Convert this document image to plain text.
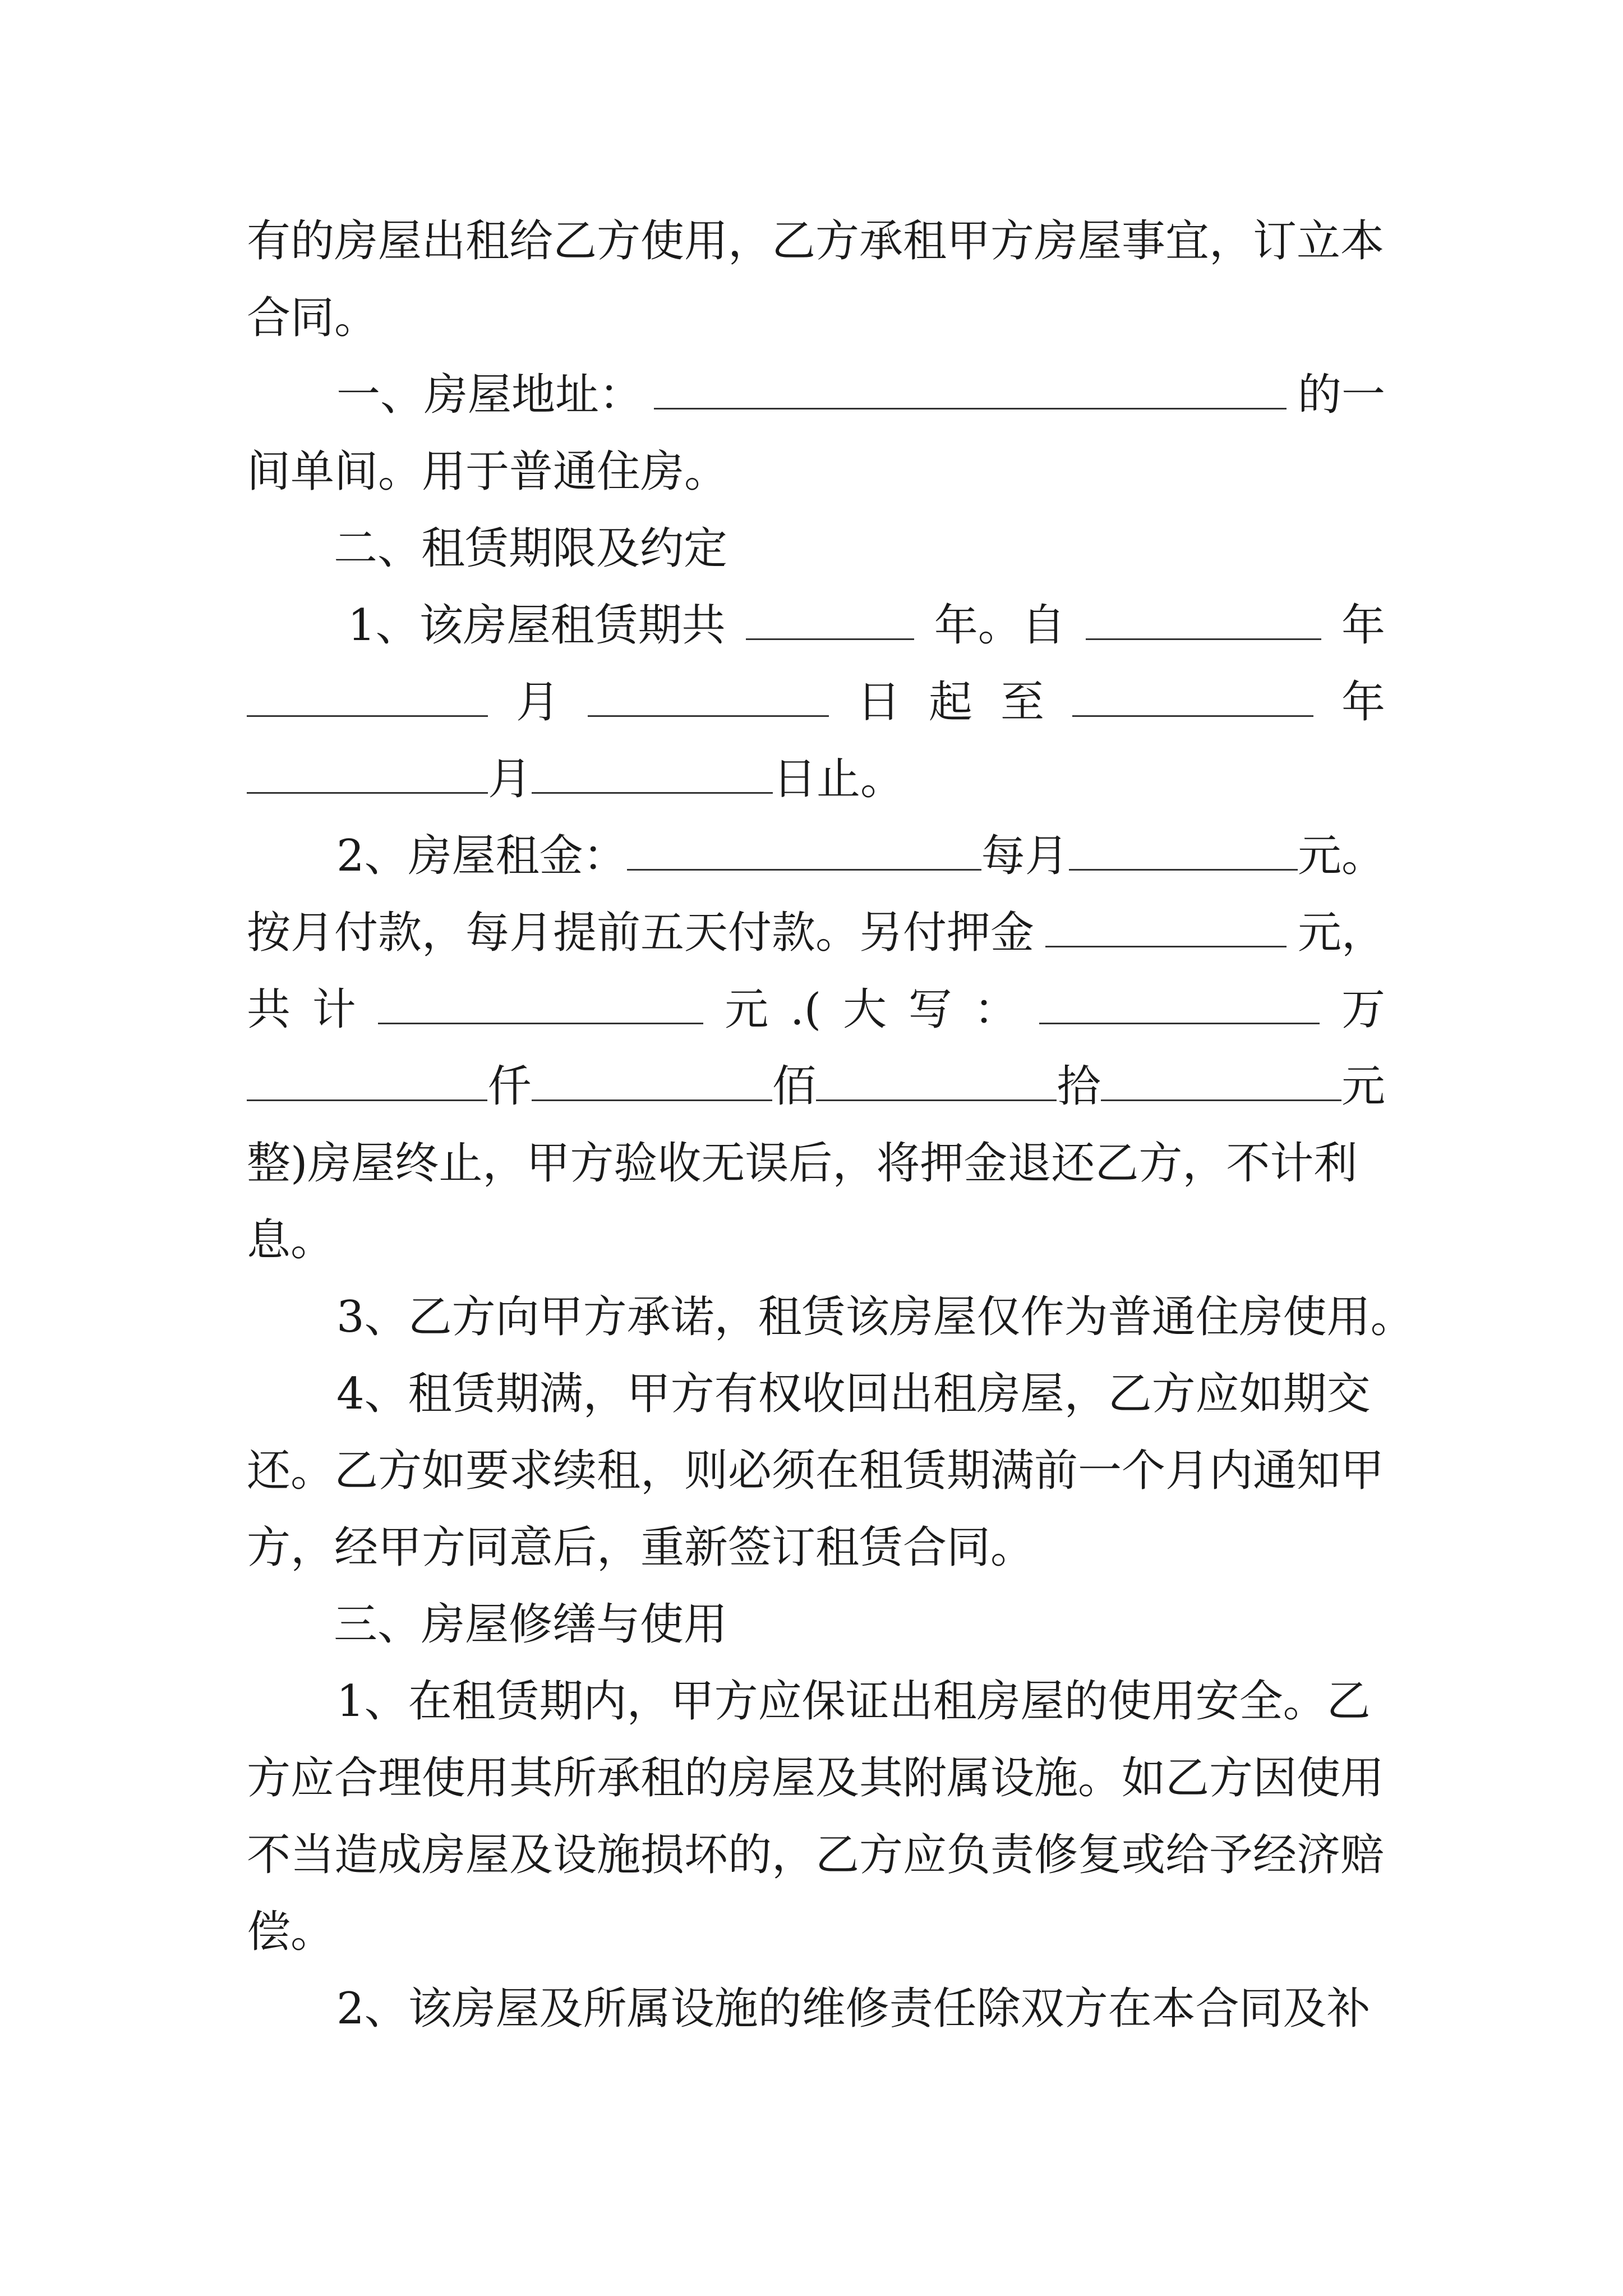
有的房屋出租给乙方使用，乙方承租甲方房屋事宜，订立本
合同。
一、房屋地址：	的一
间单间。用于普通住房。
二、租赁期限及约定
1、该房屋租赁期共	年。自	年
月	日 起 至	年
月	日止。
2、房屋租金：	每月	元。
按月付款，每月提前五天付款。另付押金	元，
共 计	元 .( 大 写 ：	万
仟	佰	拾	元
整)房屋终止，甲方验收无误后，将押金退还乙方，不计利
息。
3、乙方向甲方承诺，租赁该房屋仅作为普通住房使用。
4、租赁期满，甲方有权收回出租房屋，乙方应如期交
还。乙方如要求续租，则必须在租赁期满前一个月内通知甲
方，经甲方同意后，重新签订租赁合同。
三、房屋修缮与使用
1、在租赁期内，甲方应保证出租房屋的使用安全。乙
方应合理使用其所承租的房屋及其附属设施。如乙方因使用
不当造成房屋及设施损坏的，乙方应负责修复或给予经济赔
偿。
2、该房屋及所属设施的维修责任除双方在本合同及补
